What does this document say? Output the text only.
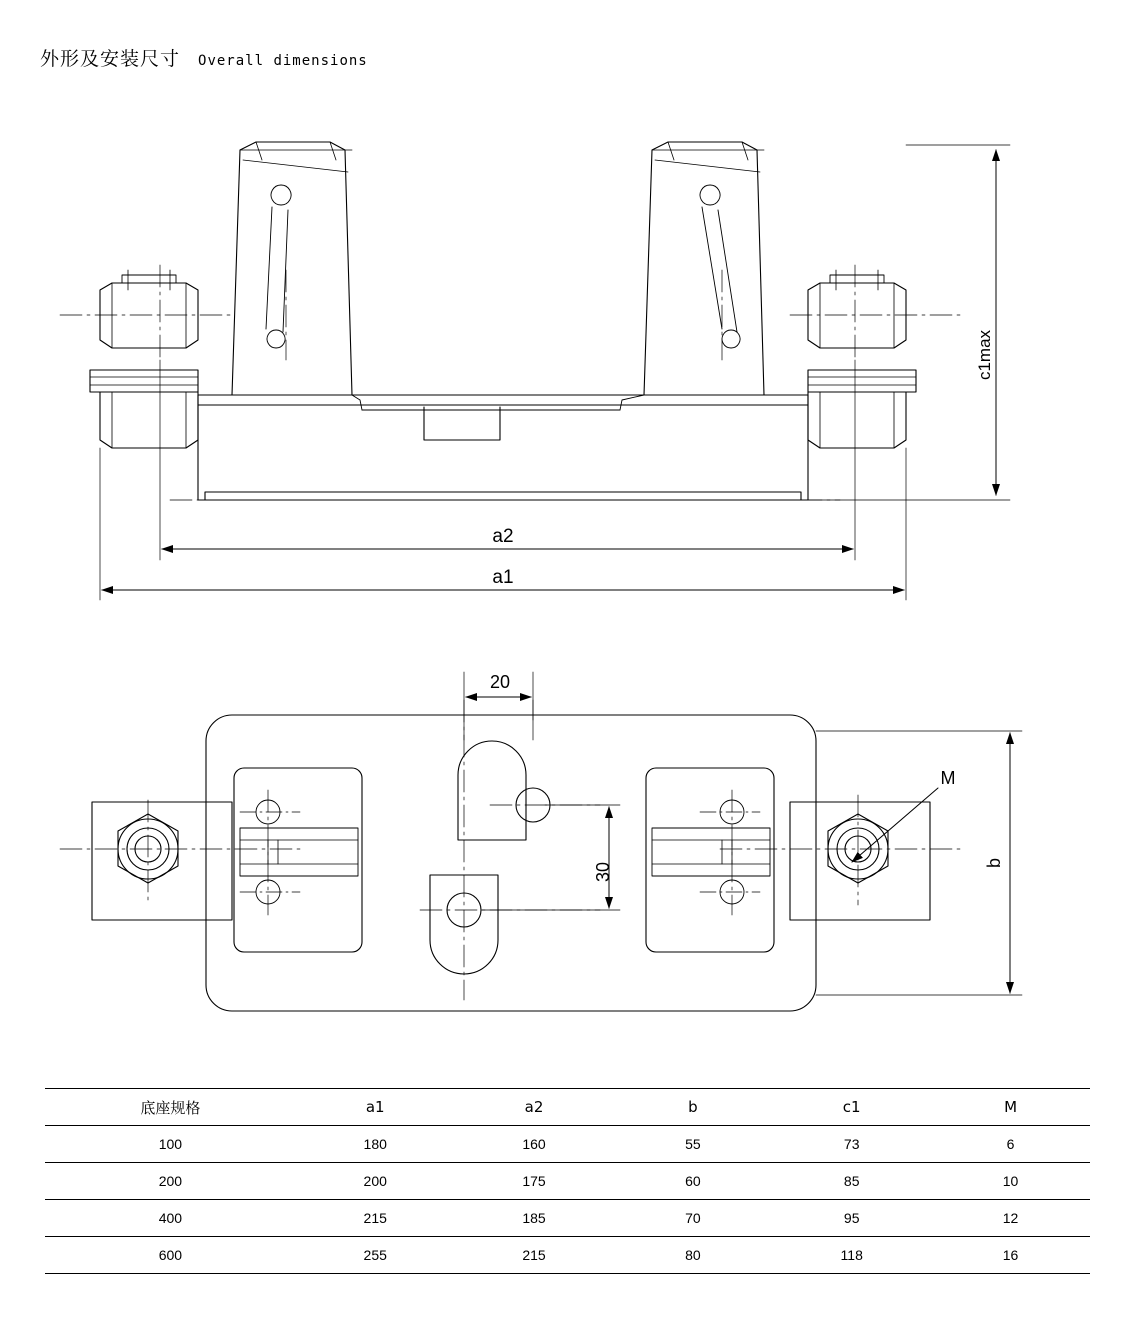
外形及安装尺寸 Overall dimensions
c1max
a2
a1
20
30	b
M
底座规格	a1	a2	b	c1	M
100	180	160	55	73	6
200	200	175	60	85	10
400	215	185	70	95	12
600	255	215	80	118	16
